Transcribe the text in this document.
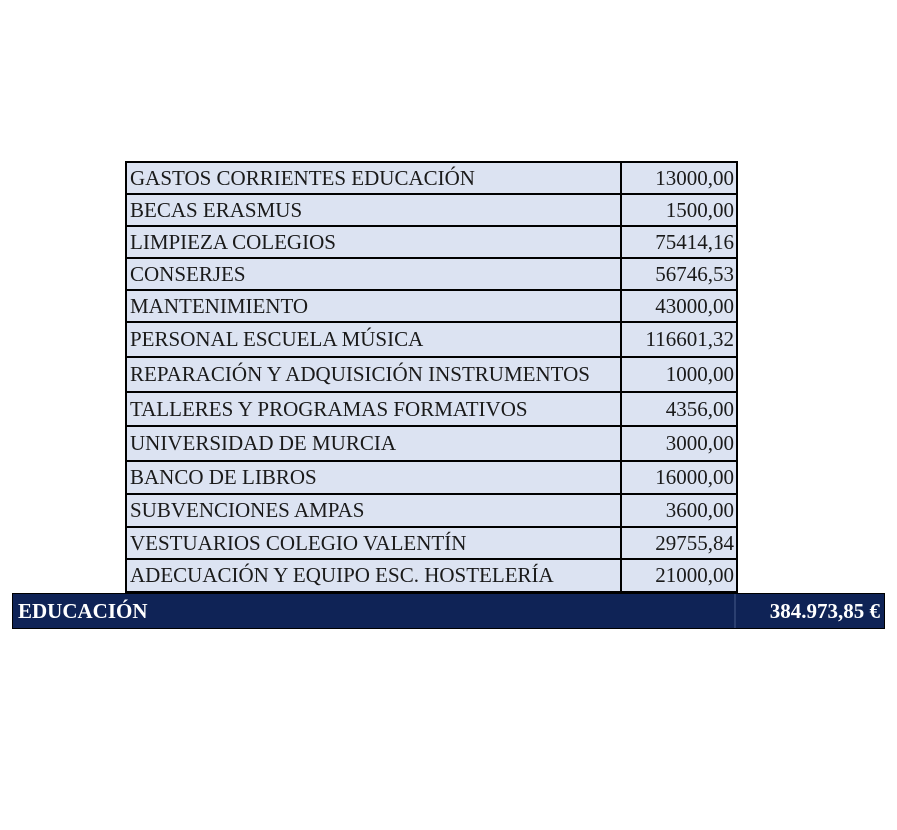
GASTOS CORRIENTES EDUCACIÓN	13000,00
BECAS ERASMUS	1500,00
LIMPIEZA COLEGIOS	75414,16
CONSERJES	56746,53
MANTENIMIENTO	43000,00
PERSONAL ESCUELA MÚSICA	116601,32
REPARACIÓN Y ADQUISICIÓN INSTRUMENTOS	1000,00
TALLERES Y PROGRAMAS FORMATIVOS	4356,00
UNIVERSIDAD DE MURCIA	3000,00
BANCO DE LIBROS	16000,00
SUBVENCIONES AMPAS	3600,00
VESTUARIOS COLEGIO VALENTÍN	29755,84
ADECUACIÓN Y EQUIPO ESC. HOSTELERÍA	21000,00
EDUCACIÓN	384.973,85 €
